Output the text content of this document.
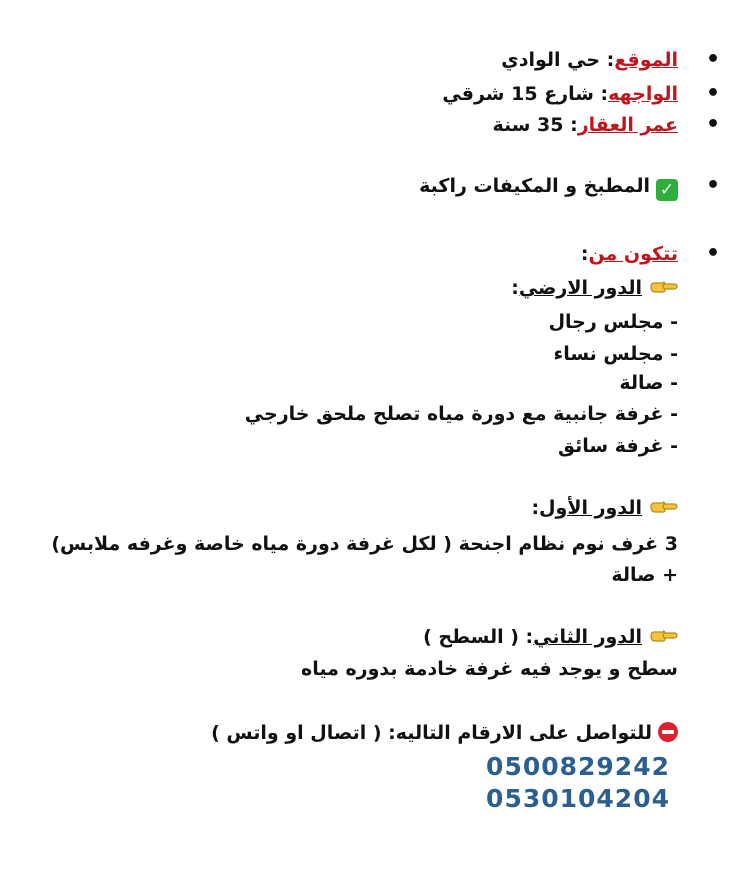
•
الموقع: حي الوادي
•
الواجهه: شارع 15 شرقي
•
عمر العقار: 35 سنة
•
✓المطبخ و المكيفات راكبة
•
تتكون من:
الدور الارضي:
- مجلس رجال
- مجلس نساء
- صالة
- غرفة جانبية مع دورة مياه تصلح ملحق خارجي
- غرفة سائق
الدور الأول:
3 غرف نوم نظام اجنحة ( لكل غرفة دورة مياه خاصة وغرفه ملابس)
+ صالة
الدور الثاني: ( السطح )
سطح و يوجد فيه غرفة خادمة بدوره مياه
للتواصل على الارقام التاليه: ( اتصال او واتس )
0500829242
0530104204
